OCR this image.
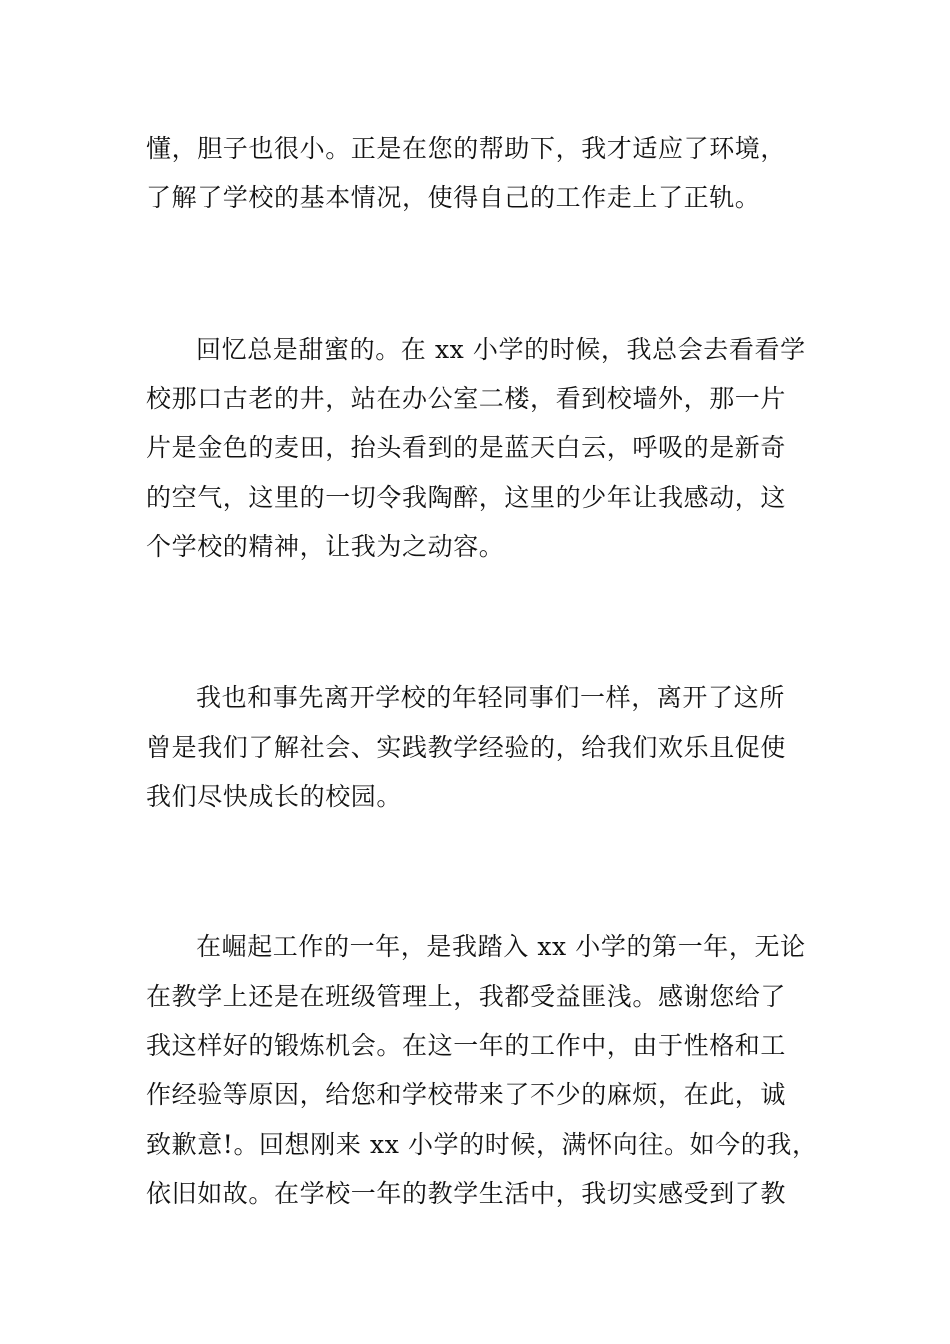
懂，胆子也很小。正是在您的帮助下，我才适应了环境，
了解了学校的基本情况，使得自己的工作走上了正轨。
回忆总是甜蜜的。在 xx 小学的时候，我总会去看看学
校那口古老的井，站在办公室二楼，看到校墙外，那一片
片是金色的麦田，抬头看到的是蓝天白云，呼吸的是新奇
的空气，这里的一切令我陶醉，这里的少年让我感动，这
个学校的精神，让我为之动容。
我也和事先离开学校的年轻同事们一样，离开了这所
曾是我们了解社会、实践教学经验的，给我们欢乐且促使
我们尽快成长的校园。
在崛起工作的一年，是我踏入 xx 小学的第一年，无论
在教学上还是在班级管理上，我都受益匪浅。感谢您给了
我这样好的锻炼机会。在这一年的工作中，由于性格和工
作经验等原因，给您和学校带来了不少的麻烦，在此，诚
致歉意!。回想刚来 xx 小学的时候，满怀向往。如今的我，
依旧如故。在学校一年的教学生活中，我切实感受到了教
